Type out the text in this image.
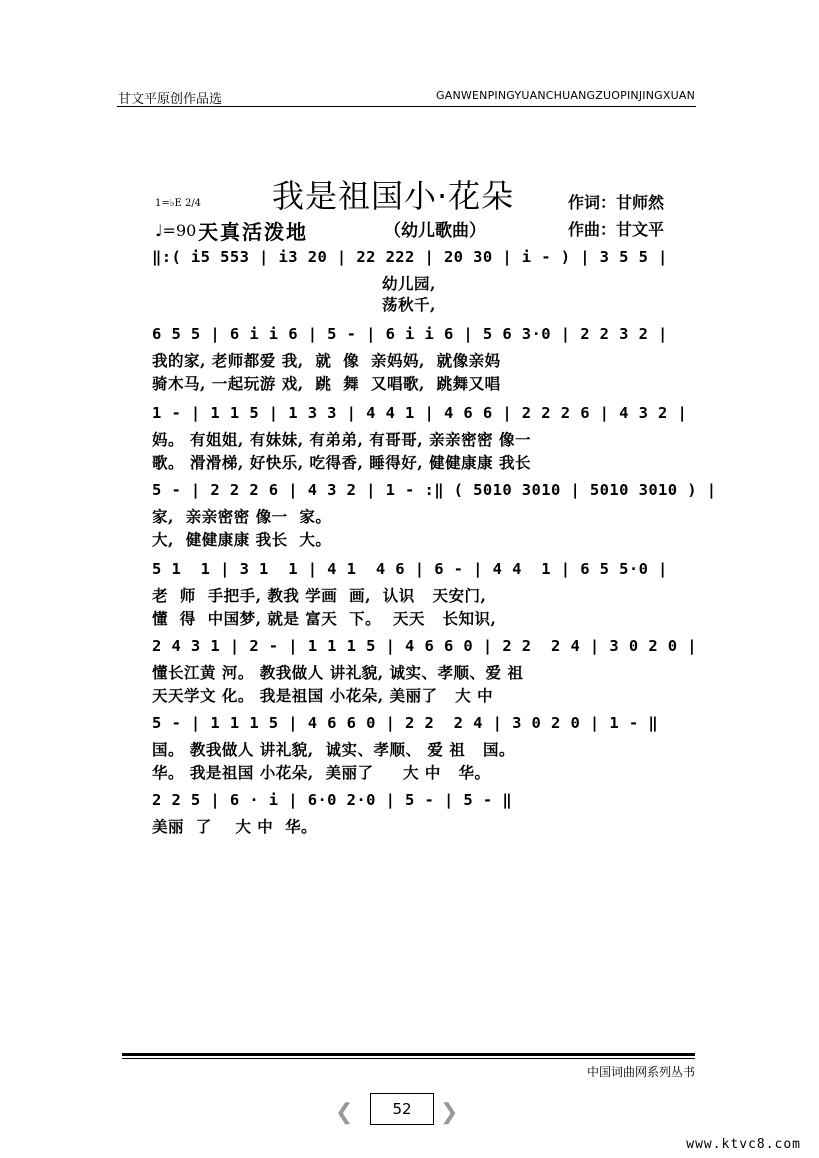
甘文平原创作品选	GANWENPINGYUANCHUANGZUOPINJINGXUAN
我是祖国小·花朵	作词：甘师然
作曲：甘文平
1=♭E 2/4
♩=90 天真活泼地	（幼儿歌曲）
‖:( i5 553 | i3 20 | 22 222 | 20 30 | i - ) | 3 5 5 |
幼儿园,
荡秋千,
6 5 5 | 6 i i 6 | 5 - | 6 i i 6 | 5 6 3·0 | 2 2 3 2 |
我的家, 老师都爱 我,  就  像  亲妈妈,  就像亲妈
骑木马, 一起玩游 戏,  跳  舞  又唱歌,  跳舞又唱
1 - | 1 1 5 | 1 3 3 | 4 4 1 | 4 6 6 | 2 2 2 6 | 4 3 2 |
妈。 有姐姐, 有妹妹, 有弟弟, 有哥哥, 亲亲密密 像一
歌。 滑滑梯, 好快乐, 吃得香, 睡得好, 健健康康 我长
5 - | 2 2 2 6 | 4 3 2 | 1 - :‖ ( 5010 3010 | 5010 3010 ) |
家,  亲亲密密 像一  家。
大,  健健康康 我长  大。
5 1  1 | 3 1  1 | 4 1  4 6 | 6 - | 4 4  1 | 6 5 5·0 |
老  师  手把手, 教我 学画  画,  认识   天安门,
懂  得  中国梦, 就是 富天  下。  天天   长知识,
2 4 3 1 | 2 - | 1 1 1 5 | 4 6 6 0 | 2 2  2 4 | 3 0 2 0 |
懂长江黄 河。 教我做人 讲礼貌, 诚实、孝顺、爱 祖
天天学文 化。 我是祖国 小花朵, 美丽了   大 中
5 - | 1 1 1 5 | 4 6 6 0 | 2 2  2 4 | 3 0 2 0 | 1 - ‖
国。 教我做人 讲礼貌,  诚实、孝顺、 爱 祖   国。
华。 我是祖国 小花朵,  美丽了     大 中   华。
2 2 5 | 6 · i | 6·0 2·0 | 5 - | 5 - ‖
美丽  了    大 中  华。
中国词曲网系列丛书
❮	52	❯
www.ktvc8.com
